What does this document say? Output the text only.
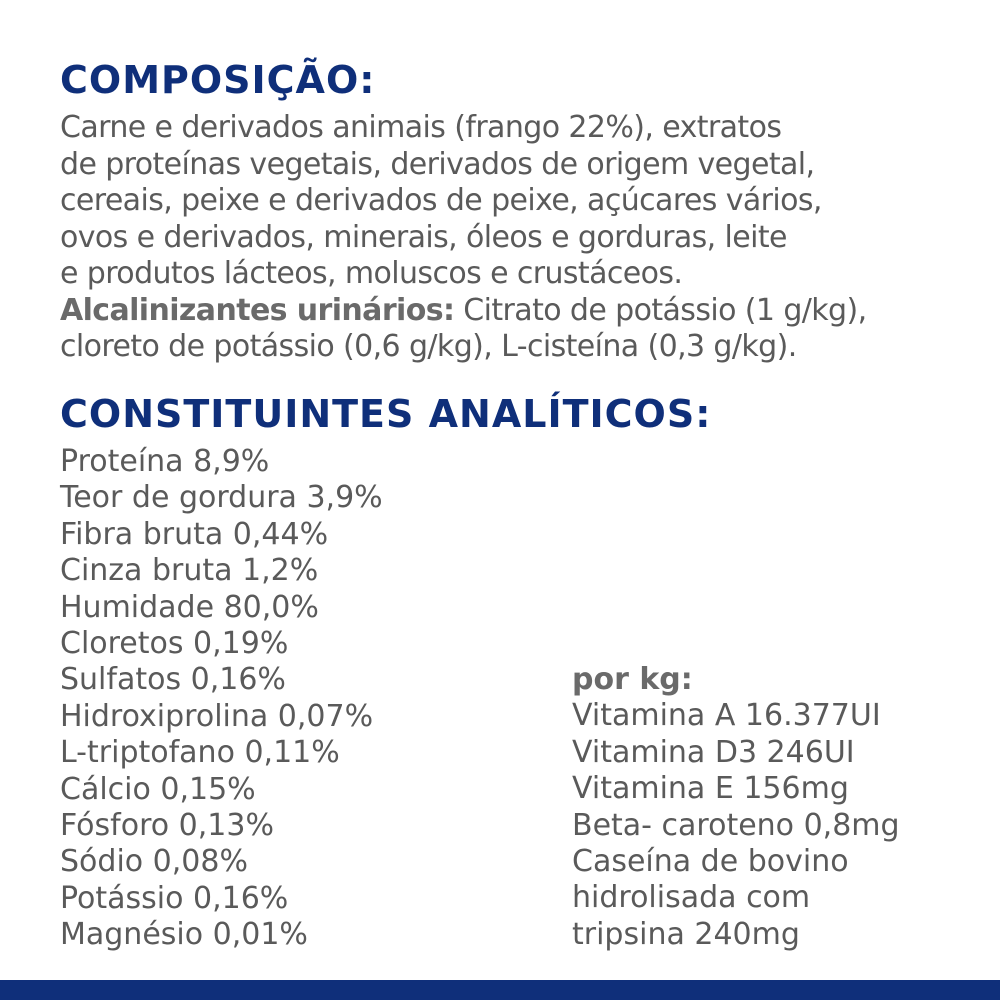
COMPOSIÇÃO:

Carne e derivados animais (frango 22%), extratos
de proteínas vegetais, derivados de origem vegetal,
cereais, peixe e derivados de peixe, açúcares vários,
ovos e derivados, minerais, óleos e gorduras, leite
e produtos lácteos, moluscos e crustáceos.
Alcalinizantes urinários: Citrato de potássio (1 g/kg),
cloreto de potássio (0,6 g/kg), L-cisteína (0,3 g/kg).

CONSTITUINTES ANALÍTICOS:
Proteína 8,9%
Teor de gordura 3,9%
Fibra bruta 0,44%
Cinza bruta 1,2%
Humidade 80,0%
Cloretos 0,19%
Sulfatos 0,16%
Hidroxiprolina 0,07%
L-triptofano 0,11%
Cálcio 0,15%
Fósforo 0,13%
Sódio 0,08%
Potássio 0,16%
Magnésio 0,01%
por kg:
Vitamina A 16.377UI
Vitamina D3 246UI
Vitamina E 156mg
Beta- caroteno 0,8mg
Caseína de bovino
hidrolisada com
tripsina 240mg
